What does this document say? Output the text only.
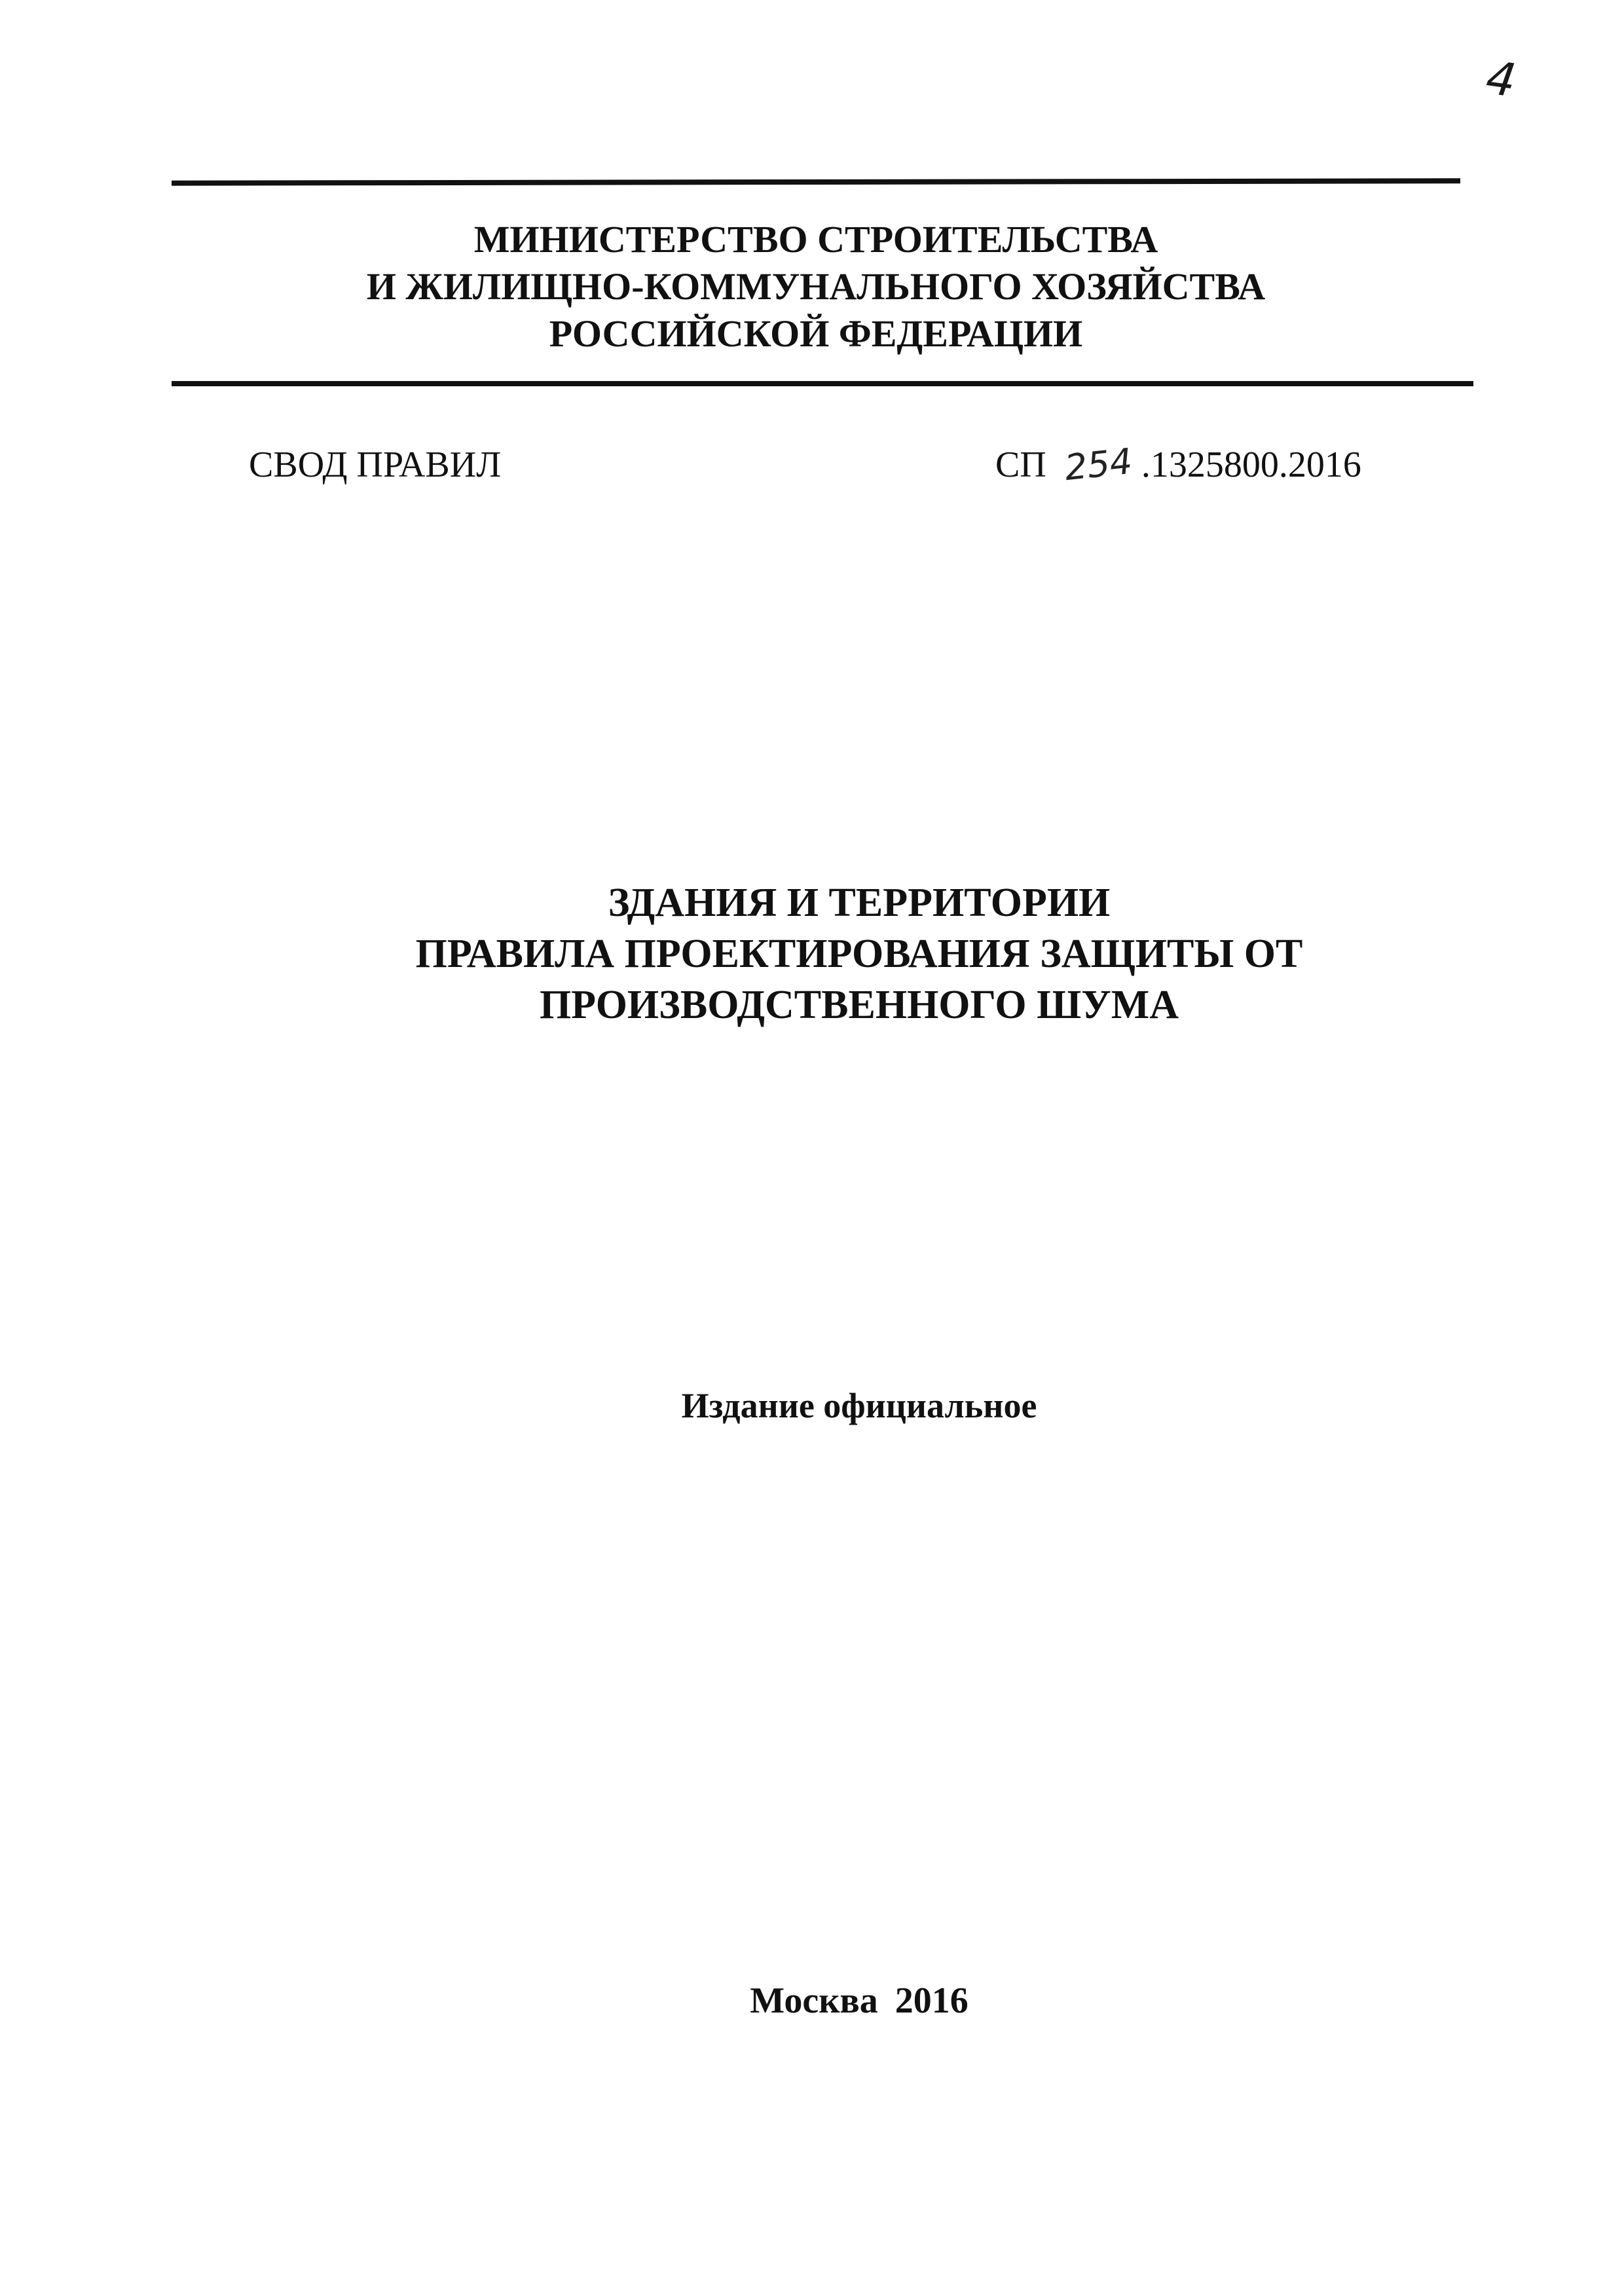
4
МИНИСТЕРСТВО СТРОИТЕЛЬСТВА
И ЖИЛИЩНО-КОММУНАЛЬНОГО ХОЗЯЙСТВА
РОССИЙСКОЙ ФЕДЕРАЦИИ
СВОД ПРАВИЛ	СП 254 .1325800.2016
ЗДАНИЯ И ТЕРРИТОРИИ
ПРАВИЛА ПРОЕКТИРОВАНИЯ ЗАЩИТЫ ОТ
ПРОИЗВОДСТВЕННОГО ШУМА
Издание официальное
Москва 2016
